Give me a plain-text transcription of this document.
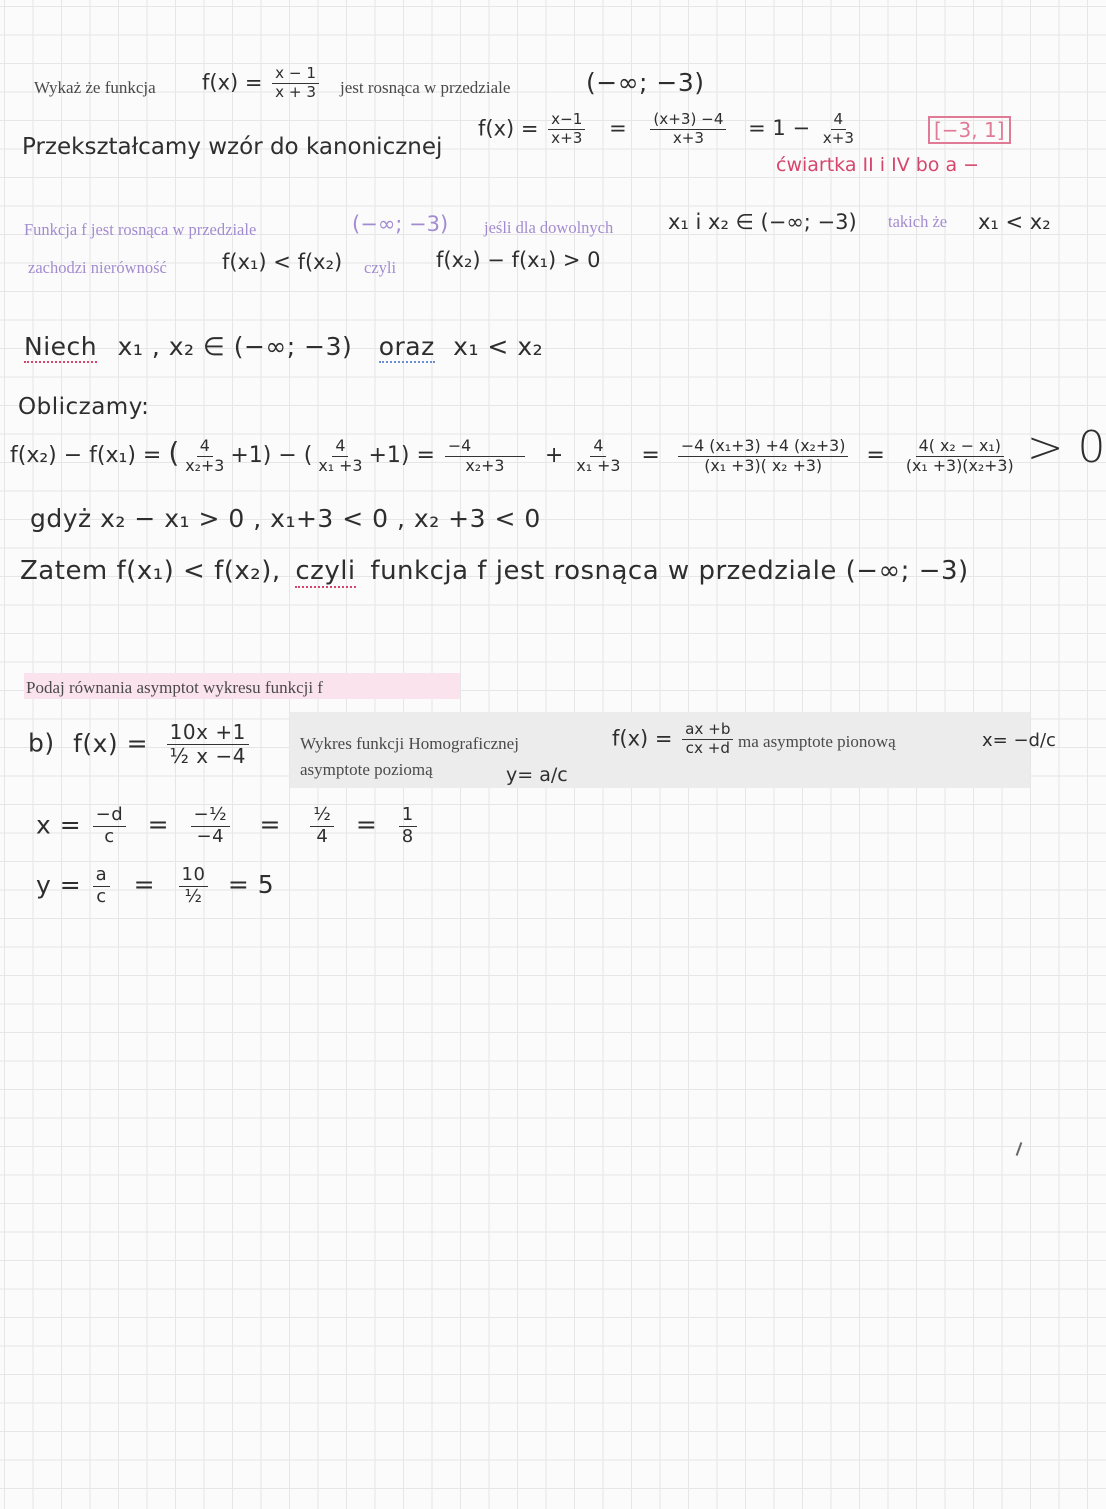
Wykaż że funkcja $f(x) = \frac{x - 1}{x + 3}$ jest rosnąca w przedziale	(−∞; −3)
Przekształcamy wzór do kanonicznej
$f(x) = \frac{x-1}{x+3} = \frac{(x+3) -4}{x+3} = 1 - \frac{4}{x+3}$	[−3, 1]
ćwiartka II i IV bo a −
Funkcja f jest rosnąca w przedziale	(−∞; −3) jeśli dla dowolnych	x₁ i x₂ ∈ (−∞; −3) takich że x₁ < x₂
zachodzi nierówność	f(x₁) < f(x₂) czyli f(x₂) − f(x₁) > 0
Niech x₁ , x₂ ∈ (−∞; −3) oraz x₁ < x₂
Obliczamy:
f(x₂) − f(x₁) = ( $\frac{4}{\text{x₂+3}} +1$) − ( $\frac{4}{\text{x₁ +3}} +1) = \frac{-4}{\text{x₂+3}} + \frac{4}{\text{x₁ +3}} = \frac{\text{−4 (x₁+3) +4 (x₂+3)}}{\text{(x₁ +3)( x₂ +3)}} = \frac{\text{4( x₂ − x₁)}}{\text{(x₁ +3)(x₂+3)}} > 0$
gdyż x₂ − x₁ > 0 , x₁+3 < 0 , x₂ +3 < 0
Zatem f(x₁) < f(x₂), czyli funkcja f jest rosnąca w przedziale (−∞; −3)
Podaj równania asymptot wykresu funkcji f
b) $f(x) = \frac{10x +1}{\text{½ x −4}}$	Wykres funkcji Homograficznej	$f(x) = \frac{ax +b}{cx +d}$ ma asymptote pionową	x= −d/c
asymptote poziomą	y= a/c
$x = \frac{-d}{c} = \frac{\text{−½}}{-4} = \frac{\text{½}}{4} = \frac{1}{8}$
$y = \frac{a}{c} = \frac{10}{\text{½}} = 5$
